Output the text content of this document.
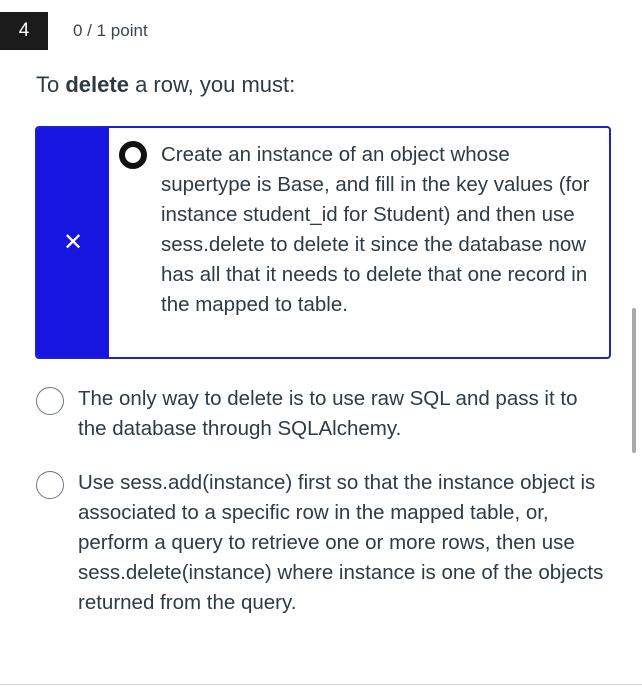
4	0 / 1 point
To delete a row, you must:
✕
Create an instance of an object whose supertype is Base, and fill in the key values (for instance student_id for Student) and then use sess.delete to delete it since the database now has all that it needs to delete that one record in the mapped to table.
The only way to delete is to use raw SQL and pass it to the database through SQLAlchemy.
Use sess.add(instance) first so that the instance object is associated to a specific row in the mapped table, or, perform a query to retrieve one or more rows, then use sess.delete(instance) where instance is one of the objects returned from the query.
